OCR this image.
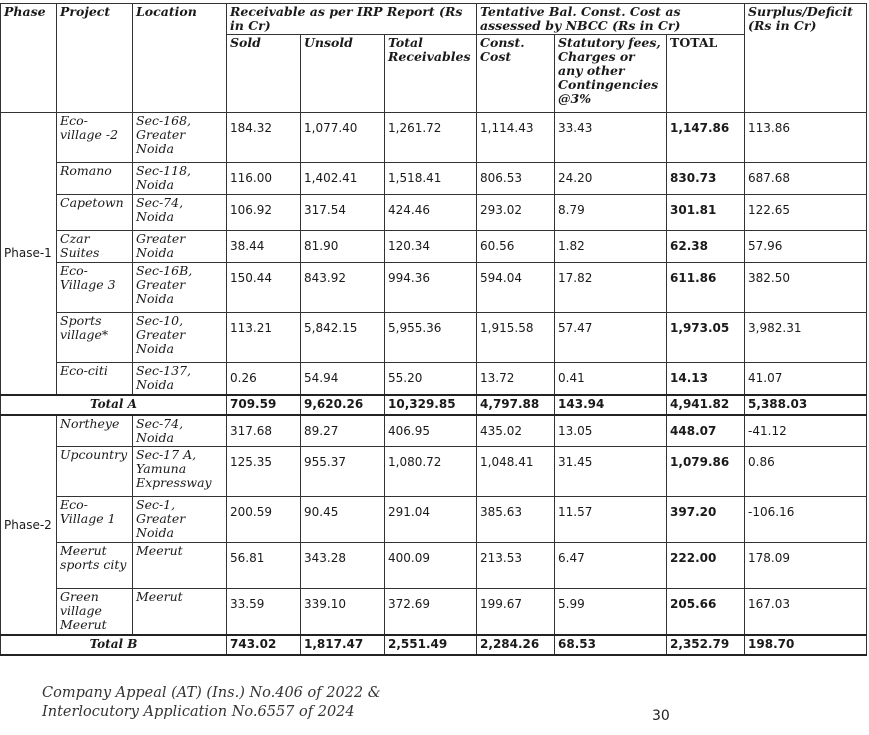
Phase	Project	Location	Receivable as per IRP Report (Rs in Cr)			Tentative Bal. Const. Cost as assessed by NBCC (Rs in Cr)			Surplus/Deficit (Rs in Cr)
			Sold	Unsold	Total Receivables	Const. Cost	Statutory fees, Charges or any other Contingencies @3%	TOTAL	
Phase-1	Eco-village -2	Sec-168, Greater Noida	184.32	1,077.40	1,261.72	1,114.43	33.43	1,147.86	113.86
	Romano	Sec-118, Noida	116.00	1,402.41	1,518.41	806.53	24.20	830.73	687.68
	Capetown	Sec-74, Noida	106.92	317.54	424.46	293.02	8.79	301.81	122.65
	Czar Suites	Greater Noida	38.44	81.90	120.34	60.56	1.82	62.38	57.96
	Eco-Village 3	Sec-16B, Greater Noida	150.44	843.92	994.36	594.04	17.82	611.86	382.50
	Sports village*	Sec-10, Greater Noida	113.21	5,842.15	5,955.36	1,915.58	57.47	1,973.05	3,982.31
	Eco-citi	Sec-137, Noida	0.26	54.94	55.20	13.72	0.41	14.13	41.07
Total A			709.59	9,620.26	10,329.85	4,797.88	143.94	4,941.82	5,388.03
Phase-2	Northeye	Sec-74, Noida	317.68	89.27	406.95	435.02	13.05	448.07	-41.12
	Upcountry	Sec-17 A, Yamuna Expressway	125.35	955.37	1,080.72	1,048.41	31.45	1,079.86	0.86
	Eco-Village 1	Sec-1, Greater Noida	200.59	90.45	291.04	385.63	11.57	397.20	-106.16
	Meerut sports city	Meerut	56.81	343.28	400.09	213.53	6.47	222.00	178.09
	Green village Meerut	Meerut	33.59	339.10	372.69	199.67	5.99	205.66	167.03
Total B			743.02	1,817.47	2,551.49	2,284.26	68.53	2,352.79	198.70
Company Appeal (AT) (Ins.) No.406 of 2022 &
Interlocutory Application No.6557 of 2024	30
